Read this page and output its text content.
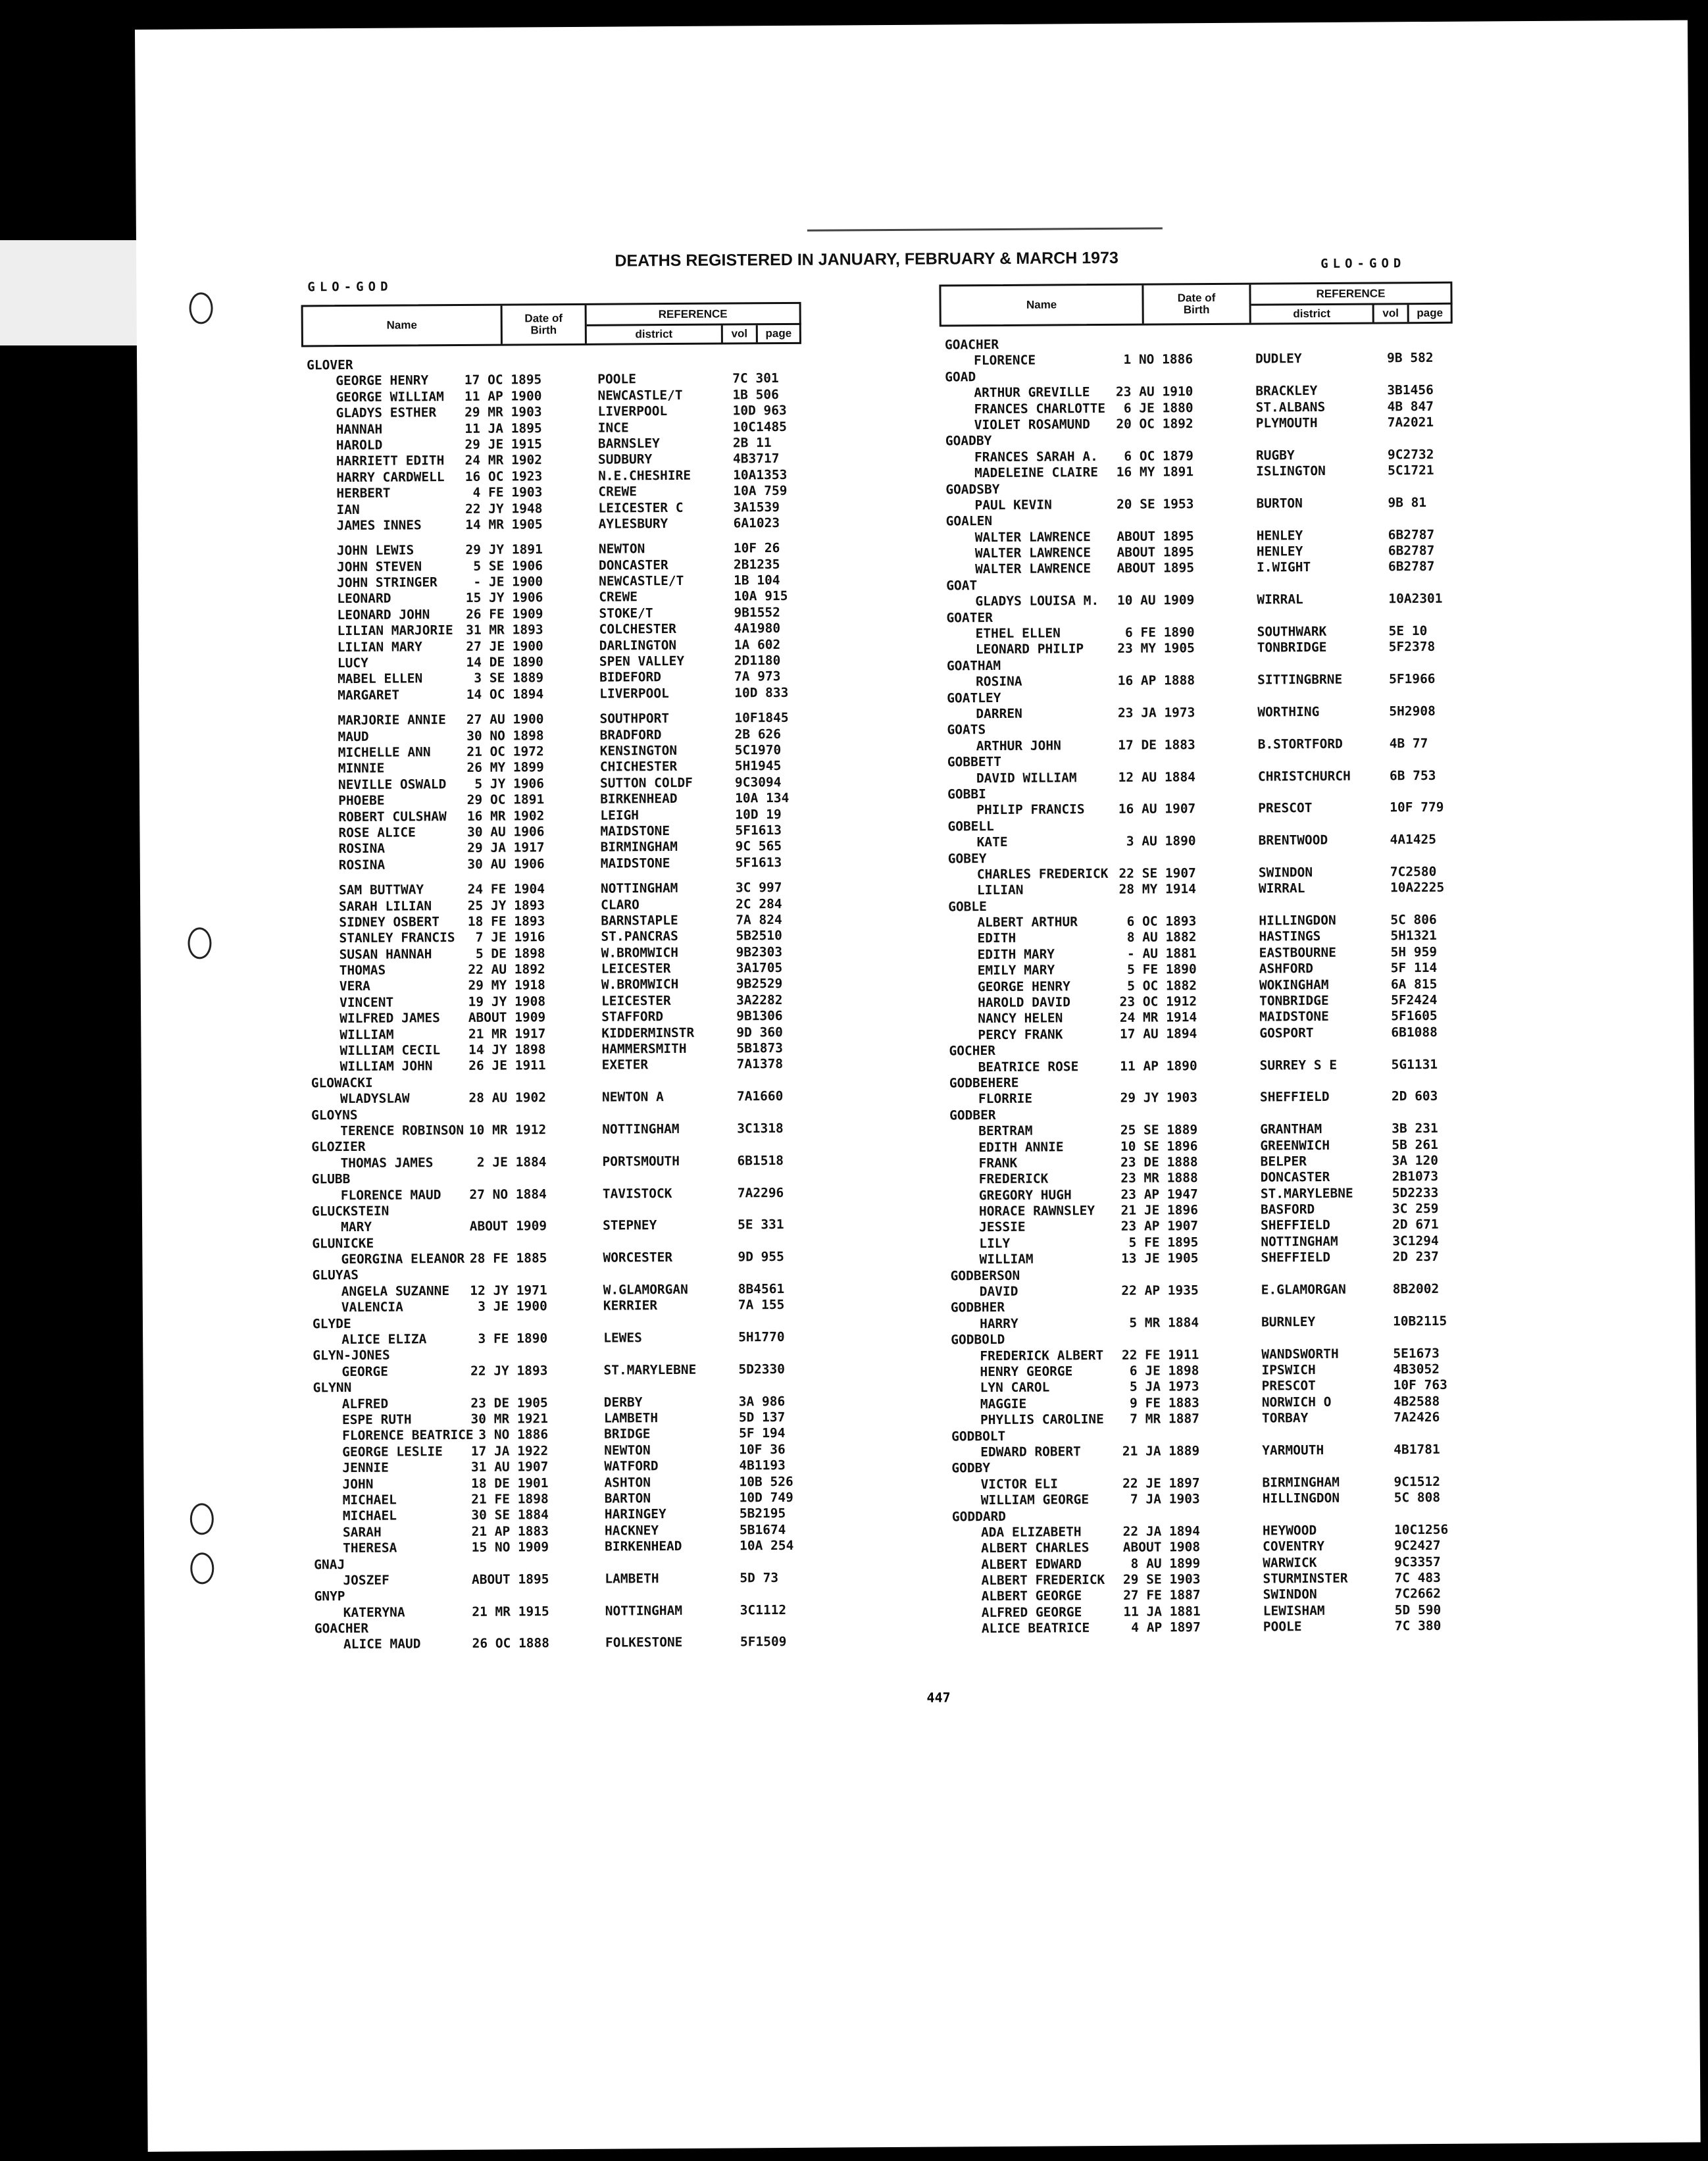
DEATHS REGISTERED IN JANUARY, FEBRUARY & MARCH 1973
GLO-GOD
GLO-GOD
Name
Date of
Birth
REFERENCE
district	vol	page
GLOVER
GEORGE HENRY	17 OC 1895	POOLE	7C 301
GEORGE WILLIAM 11 AP 1900	NEWCASTLE/T	1B 506
GLADYS ESTHER 29 MR 1903	LIVERPOOL	10D 963
HANNAH	11 JA 1895	INCE	10C1485
HAROLD	29 JE 1915	BARNSLEY	2B 11
HARRIETT EDITH 24 MR 1902	SUDBURY	4B3717
HARRY CARDWELL 16 OC 1923	N.E.CHESHIRE	10A1353
HERBERT	4 FE 1903	CREWE	10A 759
IAN	22 JY 1948	LEICESTER C	3A1539
JAMES INNES	14 MR 1905	AYLESBURY	6A1023
JOHN LEWIS	29 JY 1891	NEWTON	10F 26
JOHN STEVEN	5 SE 1906	DONCASTER	2B1235
JOHN STRINGER	- JE 1900	NEWCASTLE/T	1B 104
LEONARD	15 JY 1906	CREWE	10A 915
LEONARD JOHN	26 FE 1909	STOKE/T	9B1552
LILIAN MARJORIE 31 MR 1893	COLCHESTER	4A1980
LILIAN MARY	27 JE 1900	DARLINGTON	1A 602
LUCY	14 DE 1890	SPEN VALLEY	2D1180
MABEL ELLEN	3 SE 1889	BIDEFORD	7A 973
MARGARET	14 OC 1894	LIVERPOOL	10D 833
MARJORIE ANNIE 27 AU 1900	SOUTHPORT	10F1845
MAUD	30 NO 1898	BRADFORD	2B 626
MICHELLE ANN	21 OC 1972	KENSINGTON	5C1970
MINNIE	26 MY 1899	CHICHESTER	5H1945
NEVILLE OSWALD 5 JY 1906	SUTTON COLDF	9C3094
PHOEBE	29 OC 1891	BIRKENHEAD	10A 134
ROBERT CULSHAW 16 MR 1902	LEIGH	10D 19
ROSE ALICE	30 AU 1906	MAIDSTONE	5F1613
ROSINA	29 JA 1917	BIRMINGHAM	9C 565
ROSINA	30 AU 1906	MAIDSTONE	5F1613
SAM BUTTWAY	24 FE 1904	NOTTINGHAM	3C 997
SARAH LILIAN	25 JY 1893	CLARO	2C 284
SIDNEY OSBERT 18 FE 1893	BARNSTAPLE	7A 824
STANLEY FRANCIS 7 JE 1916	ST.PANCRAS	5B2510
SUSAN HANNAH	5 DE 1898	W.BROMWICH	9B2303
THOMAS	22 AU 1892	LEICESTER	3A1705
VERA	29 MY 1918	W.BROMWICH	9B2529
VINCENT	19 JY 1908	LEICESTER	3A2282
WILFRED JAMES ABOUT 1909	STAFFORD	9B1306
WILLIAM	21 MR 1917	KIDDERMINSTR	9D 360
WILLIAM CECIL 14 JY 1898	HAMMERSMITH	5B1873
WILLIAM JOHN	26 JE 1911	EXETER	7A1378
GLOWACKI
WLADYSLAW	28 AU 1902	NEWTON A	7A1660
GLOYNS
TERENCE ROBINSON 10 MR 1912	NOTTINGHAM	3C1318
GLOZIER
THOMAS JAMES	2 JE 1884	PORTSMOUTH	6B1518
GLUBB
FLORENCE MAUD 27 NO 1884	TAVISTOCK	7A2296
GLUCKSTEIN
MARY	ABOUT 1909	STEPNEY	5E 331
GLUNICKE
GEORGINA ELEANOR 28 FE 1885	WORCESTER	9D 955
GLUYAS
ANGELA SUZANNE 12 JY 1971	W.GLAMORGAN	8B4561
VALENCIA	3 JE 1900	KERRIER	7A 155
GLYDE
ALICE ELIZA	3 FE 1890	LEWES	5H1770
GLYN-JONES
GEORGE	22 JY 1893	ST.MARYLEBNE	5D2330
GLYNN
ALFRED	23 DE 1905	DERBY	3A 986
ESPE RUTH	30 MR 1921	LAMBETH	5D 137
FLORENCE BEATRICE 3 NO 1886	BRIDGE	5F 194
GEORGE LESLIE 17 JA 1922	NEWTON	10F 36
JENNIE	31 AU 1907	WATFORD	4B1193
JOHN	18 DE 1901	ASHTON	10B 526
MICHAEL	21 FE 1898	BARTON	10D 749
MICHAEL	30 SE 1884	HARINGEY	5B2195
SARAH	21 AP 1883	HACKNEY	5B1674
THERESA	15 NO 1909	BIRKENHEAD	10A 254
GNAJ
JOSZEF	ABOUT 1895	LAMBETH	5D 73
GNYP
KATERYNA	21 MR 1915	NOTTINGHAM	3C1112
GOACHER
ALICE MAUD	26 OC 1888	FOLKESTONE	5F1509
Name
Date of
Birth
REFERENCE
district	vol	page
GOACHER
FLORENCE	1 NO 1886	DUDLEY	9B 582
GOAD
ARTHUR GREVILLE 23 AU 1910	BRACKLEY	3B1456
FRANCES CHARLOTTE 6 JE 1880	ST.ALBANS	4B 847
VIOLET ROSAMUND 20 OC 1892	PLYMOUTH	7A2021
GOADBY
FRANCES SARAH A. 6 OC 1879	RUGBY	9C2732
MADELEINE CLAIRE 16 MY 1891	ISLINGTON	5C1721
GOADSBY
PAUL KEVIN	20 SE 1953	BURTON	9B 81
GOALEN
WALTER LAWRENCE ABOUT 1895	HENLEY	6B2787
WALTER LAWRENCE ABOUT 1895	HENLEY	6B2787
WALTER LAWRENCE ABOUT 1895	I.WIGHT	6B2787
GOAT
GLADYS LOUISA M. 10 AU 1909	WIRRAL	10A2301
GOATER
ETHEL ELLEN	6 FE 1890	SOUTHWARK	5E 10
LEONARD PHILIP	23 MY 1905	TONBRIDGE	5F2378
GOATHAM
ROSINA	16 AP 1888	SITTINGBRNE	5F1966
GOATLEY
DARREN	23 JA 1973	WORTHING	5H2908
GOATS
ARTHUR JOHN	17 DE 1883	B.STORTFORD	4B 77
GOBBETT
DAVID WILLIAM	12 AU 1884	CHRISTCHURCH	6B 753
GOBBI
PHILIP FRANCIS	16 AU 1907	PRESCOT	10F 779
GOBELL
KATE	3 AU 1890	BRENTWOOD	4A1425
GOBEY
CHARLES FREDERICK 22 SE 1907	SWINDON	7C2580
LILIAN	28 MY 1914	WIRRAL	10A2225
GOBLE
ALBERT ARTHUR	6 OC 1893	HILLINGDON	5C 806
EDITH	8 AU 1882	HASTINGS	5H1321
EDITH MARY	- AU 1881	EASTBOURNE	5H 959
EMILY MARY	5 FE 1890	ASHFORD	5F 114
GEORGE HENRY	5 OC 1882	WOKINGHAM	6A 815
HAROLD DAVID	23 OC 1912	TONBRIDGE	5F2424
NANCY HELEN	24 MR 1914	MAIDSTONE	5F1605
PERCY FRANK	17 AU 1894	GOSPORT	6B1088
GOCHER
BEATRICE ROSE	11 AP 1890	SURREY S E	5G1131
GODBEHERE
FLORRIE	29 JY 1903	SHEFFIELD	2D 603
GODBER
BERTRAM	25 SE 1889	GRANTHAM	3B 231
EDITH ANNIE	10 SE 1896	GREENWICH	5B 261
FRANK	23 DE 1888	BELPER	3A 120
FREDERICK	23 MR 1888	DONCASTER	2B1073
GREGORY HUGH	23 AP 1947	ST.MARYLEBNE	5D2233
HORACE RAWNSLEY 21 JE 1896	BASFORD	3C 259
JESSIE	23 AP 1907	SHEFFIELD	2D 671
LILY	5 FE 1895	NOTTINGHAM	3C1294
WILLIAM	13 JE 1905	SHEFFIELD	2D 237
GODBERSON
DAVID	22 AP 1935	E.GLAMORGAN	8B2002
GODBHER
HARRY	5 MR 1884	BURNLEY	10B2115
GODBOLD
FREDERICK ALBERT 22 FE 1911	WANDSWORTH	5E1673
HENRY GEORGE	6 JE 1898	IPSWICH	4B3052
LYN CAROL	5 JA 1973	PRESCOT	10F 763
MAGGIE	9 FE 1883	NORWICH O	4B2588
PHYLLIS CAROLINE 7 MR 1887	TORBAY	7A2426
GODBOLT
EDWARD ROBERT	21 JA 1889	YARMOUTH	4B1781
GODBY
VICTOR ELI	22 JE 1897	BIRMINGHAM	9C1512
WILLIAM GEORGE	7 JA 1903	HILLINGDON	5C 808
GODDARD
ADA ELIZABETH	22 JA 1894	HEYWOOD	10C1256
ALBERT CHARLES	ABOUT 1908	COVENTRY	9C2427
ALBERT EDWARD	8 AU 1899	WARWICK	9C3357
ALBERT FREDERICK 29 SE 1903	STURMINSTER	7C 483
ALBERT GEORGE	27 FE 1887	SWINDON	7C2662
ALFRED GEORGE	11 JA 1881	LEWISHAM	5D 590
ALICE BEATRICE	4 AP 1897	POOLE	7C 380
447
